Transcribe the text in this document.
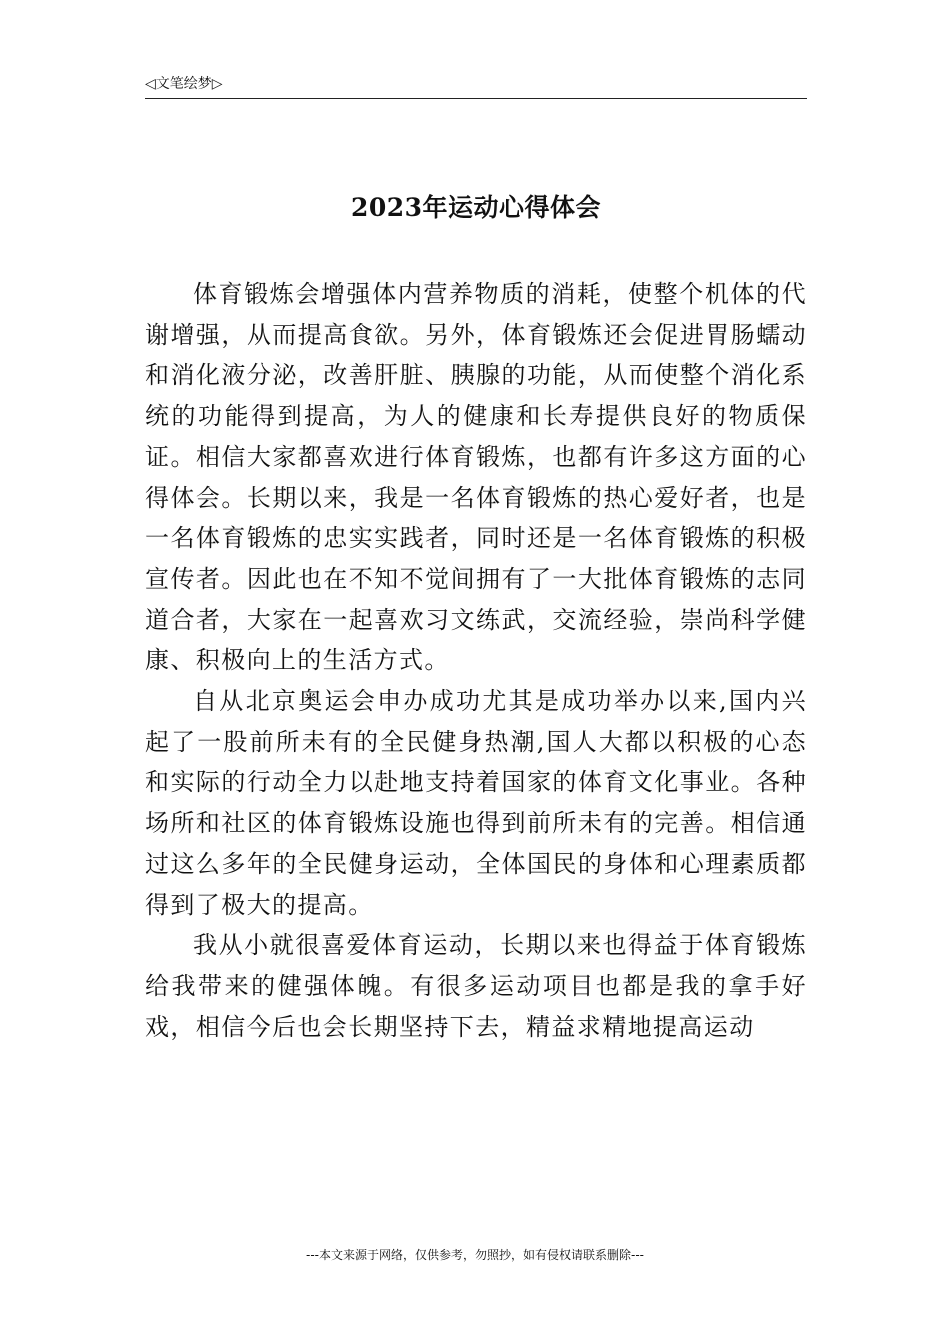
◁文笔绘梦▷
2023年运动心得体会

体育锻炼会增强体内营养物质的消耗，使整个机体的代谢增强，从而提高食欲。另外，体育锻炼还会促进胃肠蠕动和消化液分泌，改善肝脏、胰腺的功能，从而使整个消化系统的功能得到提高，为人的健康和长寿提供良好的物质保证。相信大家都喜欢进行体育锻炼，也都有许多这方面的心得体会。长期以来，我是一名体育锻炼的热心爱好者，也是一名体育锻炼的忠实实践者，同时还是一名体育锻炼的积极宣传者。因此也在不知不觉间拥有了一大批体育锻炼的志同道合者，大家在一起喜欢习文练武，交流经验，崇尚科学健康、积极向上的生活方式。

自从北京奥运会申办成功尤其是成功举办以来,国内兴起了一股前所未有的全民健身热潮,国人大都以积极的心态和实际的行动全力以赴地支持着国家的体育文化事业。各种场所和社区的体育锻炼设施也得到前所未有的完善。相信通过这么多年的全民健身运动，全体国民的身体和心理素质都得到了极大的提高。

我从小就很喜爱体育运动，长期以来也得益于体育锻炼给我带来的健强体魄。有很多运动项目也都是我的拿手好戏，相信今后也会长期坚持下去，精益求精地提高运动

---本文来源于网络，仅供参考，勿照抄，如有侵权请联系删除---
